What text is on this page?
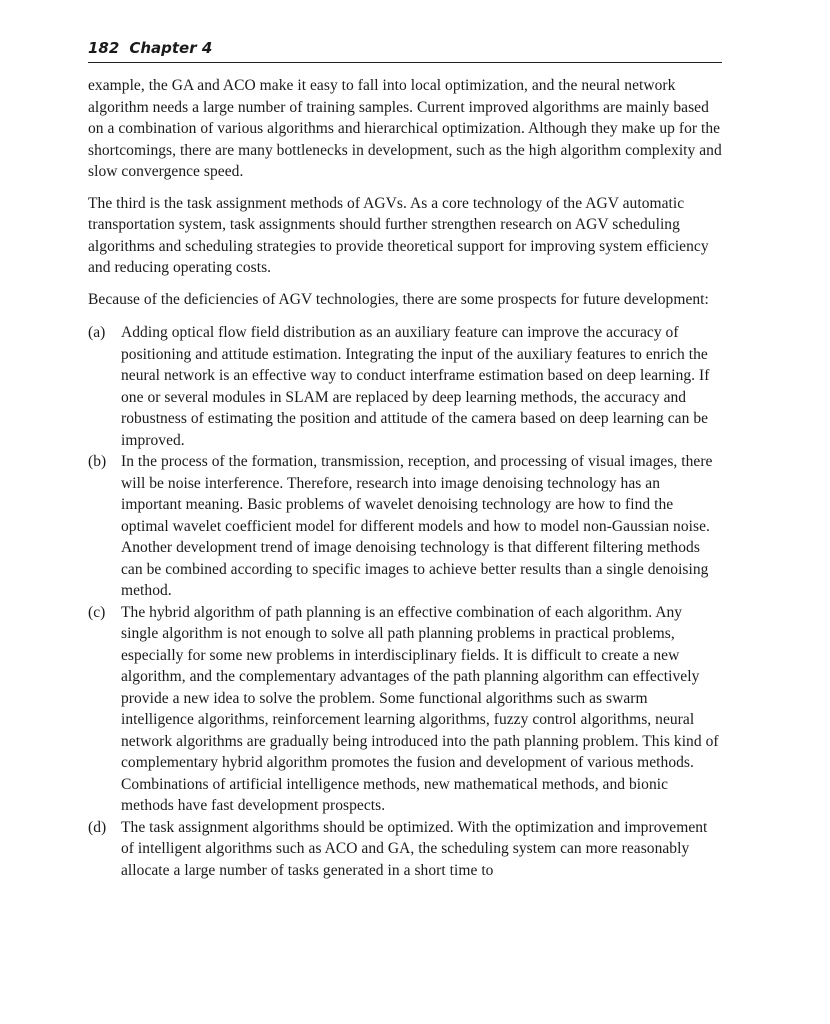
182 Chapter 4

example, the GA and ACO make it easy to fall into local optimization, and the neural network algorithm needs a large number of training samples. Current improved algorithms are mainly based on a combination of various algorithms and hierarchical optimization. Although they make up for the shortcomings, there are many bottlenecks in development, such as the high algorithm complexity and slow convergence speed.

The third is the task assignment methods of AGVs. As a core technology of the AGV automatic transportation system, task assignments should further strengthen research on AGV scheduling algorithms and scheduling strategies to provide theoretical support for improving system efficiency and reducing operating costs.

Because of the deficiencies of AGV technologies, there are some prospects for future development:

(a)	Adding optical flow field distribution as an auxiliary feature can improve the accuracy of positioning and attitude estimation. Integrating the input of the auxiliary features to enrich the neural network is an effective way to conduct interframe estimation based on deep learning. If one or several modules in SLAM are replaced by deep learning methods, the accuracy and robustness of estimating the position and attitude of the camera based on deep learning can be improved.
(b) In the process of the formation, transmission, reception, and processing of visual images, there will be noise interference. Therefore, research into image denoising technology has an important meaning. Basic problems of wavelet denoising technology are how to find the optimal wavelet coefficient model for different models and how to model non-Gaussian noise. Another development trend of image denoising technology is that different filtering methods can be combined according to specific images to achieve better results than a single denoising method.
(c)	The hybrid algorithm of path planning is an effective combination of each algorithm. Any single algorithm is not enough to solve all path planning problems in practical problems, especially for some new problems in interdisciplinary fields. It is difficult to create a new algorithm, and the complementary advantages of the path planning algorithm can effectively provide a new idea to solve the problem. Some functional algorithms such as swarm intelligence algorithms, reinforcement learning algorithms, fuzzy control algorithms, neural network algorithms are gradually being introduced into the path planning problem. This kind of complementary hybrid algorithm promotes the fusion and development of various methods. Combinations of artificial intelligence methods, new mathematical methods, and bionic methods have fast development prospects.
(d) The task assignment algorithms should be optimized. With the optimization and improvement of intelligent algorithms such as ACO and GA, the scheduling system can more reasonably allocate a large number of tasks generated in a short time to
